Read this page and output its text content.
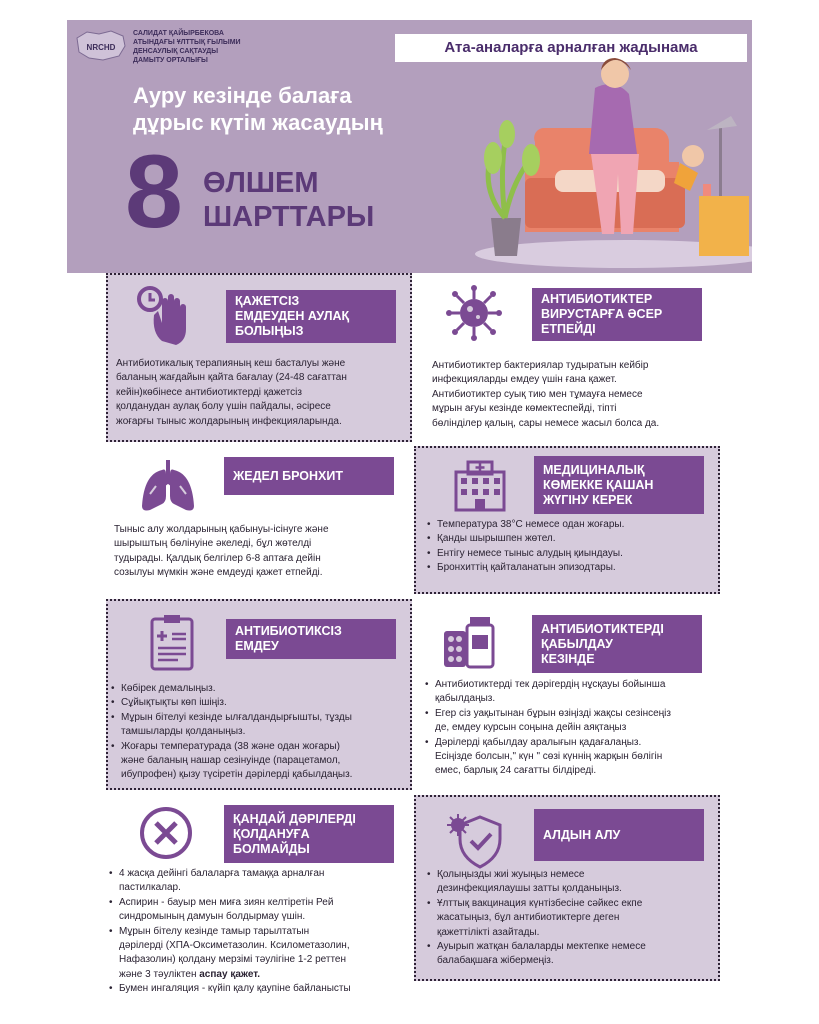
NRCHD
САЛИДАТ ҚАЙЫРБЕКОВА
АТЫНДАҒЫ ҰЛТТЫҚ ҒЫЛЫМИ
ДЕНСАУЛЫҚ САҚТАУДЫ
ДАМЫТУ ОРТАЛЫҒЫ
Ата-аналарға арналған жадынама
Ауру кезінде балаға
дұрыс күтім жасаудың
8 ӨЛШЕМ
ШАРТТАРЫ
ҚАЖЕТСІЗ
ЕМДЕУДЕН АУЛАҚ
БОЛЫҢЫЗ
Антибиотикалық терапияның кеш басталуы және
баланың жағдайын қайта бағалау (24-48 сағаттан
кейін)көбінесе антибиотиктерді қажетсіз
қолданудан аулақ болу үшін пайдалы, әсіресе
жоғарғы тыныс жолдарының инфекцияларында.
АНТИБИОТИКТЕР
ВИРУСТАРҒА ӘСЕР
ЕТПЕЙДІ
Антибиотиктер бактериялар тудыратын кейбір
инфекцияларды емдеу үшін ғана қажет.
Антибиотиктер суық тию мен тұмауға немесе
мұрын ағуы кезінде көмектеспейді, тіпті
бөлінділер қалың, сары немесе жасыл болса да.
ЖЕДЕЛ БРОНХИТ
Тыныс алу жолдарының қабынуы-ісінуге және
шырыштың бөлінуіне әкеледі, бұл жөтелді
тудырады. Қалдық белгілер 6-8 аптаға дейін
созылуы мүмкін және емдеуді қажет етпейді.
МЕДИЦИНАЛЫҚ
КӨМЕККЕ ҚАШАН
ЖҮГІНУ КЕРЕК
• Температура 38°C немесе одан жоғары.
• Қанды шырышпен жөтел.
• Ентігу немесе тыныс алудың қиындауы.
• Бронхиттің қайталанатын эпизодтары.
АНТИБИОТИКСІЗ
ЕМДЕУ
• Көбірек демалыңыз.
• Сұйықтықты көп ішіңіз.
• Мұрын бітелуі кезінде ылғалдандырғышты, тұзды
тамшыларды қолданыңыз.
• Жоғары температурада (38 және одан жоғары)
және баланың нашар сезінуінде (парацетамол,
ибупрофен) қызу түсіретін дәрілерді қабылдаңыз.
АНТИБИОТИКТЕРДІ
ҚАБЫЛДАУ
КЕЗІНДЕ
• Антибиотиктерді тек дәрігердің нұсқауы бойынша
қабылдаңыз.
• Егер сіз уақытынан бұрын өзіңізді жақсы сезінсеңіз
де, емдеу курсын соңына дейін аяқтаңыз
• Дәрілерді қабылдау аралығын қадағалаңыз.
Есіңізде болсын," күн " сөзі күннің жарқын бөлігін
емес, барлық 24 сағатты білдіреді.
ҚАНДАЙ ДӘРІЛЕРДІ
ҚОЛДАНУҒА
БОЛМАЙДЫ
• 4 жасқа дейінгі балаларға тамаққа арналған
пастилкалар.
• Аспирин - бауыр мен миға зиян келтіретін Рей
синдромының дамуын болдырмау үшін.
• Мұрын бітелу кезінде тамыр тарылтатын
дәрілерді (ХПА-Оксиметазолин. Ксилометазолин,
Нафазолин) қолдану мерзімі тәулігіне 1-2 реттен
және 3 тәуліктен аспау қажет.
• Бумен ингаляция - күйіп қалу қаупіне байланысты
АЛДЫН АЛУ
• Қолыңызды жиі жуыңыз немесе
дезинфекциялаушы затты қолданыңыз.
• Ұлттық вакцинация күнтізбесіне сәйкес екпе
жасатыңыз, бұл антибиотиктерге деген
қажеттілікті азайтады.
• Ауырып жатқан балаларды мектепке немесе
балабақшаға жібермеңіз.
